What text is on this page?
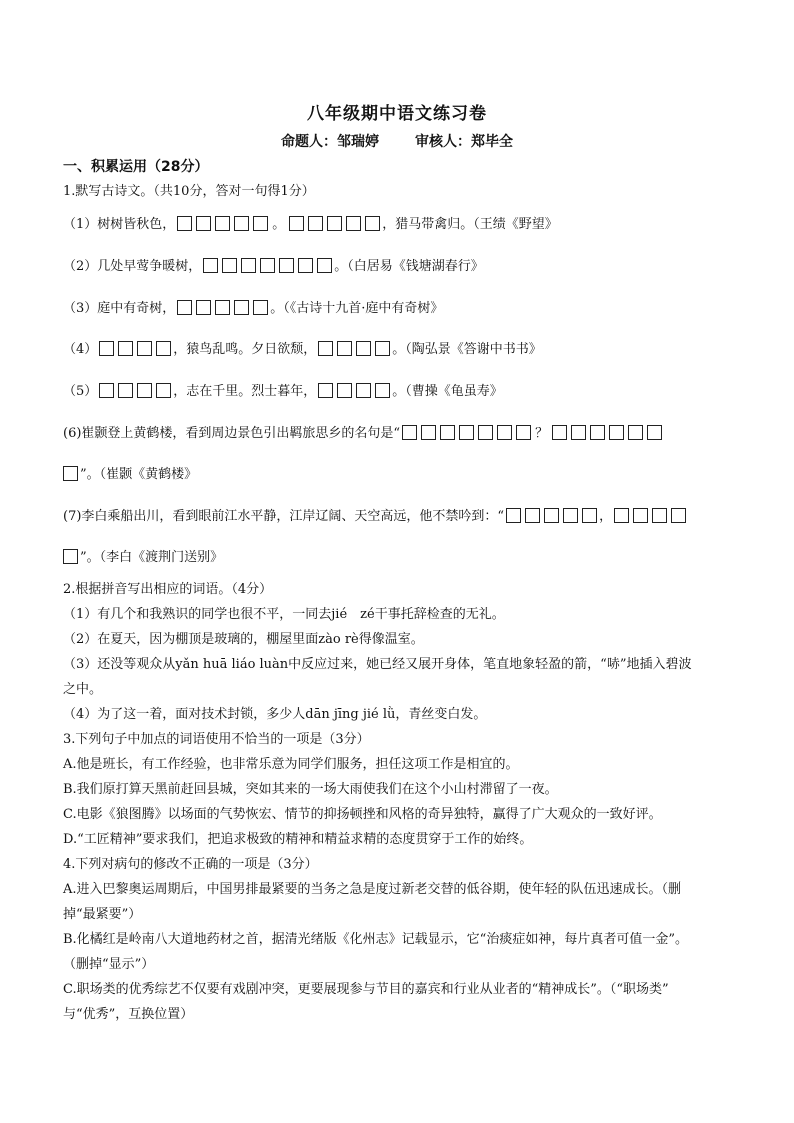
八年级期中语文练习卷
命题人：邹瑞婷	审核人：郑毕全
一、积累运用（28分）
1.默写古诗文。（共10分，答对一句得1分）
（1）树树皆秋色，	。	，猎马带禽归。（王绩《野望》
（2）几处早莺争暖树，	。（白居易《钱塘湖春行》
（3）庭中有奇树，	。（《古诗十九首·庭中有奇树》
（4）	，猿鸟乱鸣。夕日欲颓，	。（陶弘景《答谢中书书》
（5）	，志在千里。烈士暮年，	。（曹操《龟虽寿》
(6)崔颢登上黄鹤楼，看到周边景色引出羁旅思乡的名句是“	？
”。（崔颢《黄鹤楼》
(7)李白乘船出川，看到眼前江水平静，江岸辽阔、天空高远，他不禁吟到：“	，
”。（李白《渡荆门送别》
2.根据拼音写出相应的词语。（4分）
（1）有几个和我熟识的同学也很不平，一同去jié　zé干事托辞检查的无礼。
（2）在夏天，因为棚顶是玻璃的，棚屋里面zào rè得像温室。
（3）还没等观众从yǎn huā liáo luàn中反应过来，她已经又展开身体，笔直地象轻盈的箭，“哧”地插入碧波
之中。
（4）为了这一着，面对技术封锁，多少人dān jīng jié lǜ，青丝变白发。
3.下列句子中加点的词语使用不恰当的一项是（3分）
A.他是班长，有工作经验，也非常乐意为同学们服务，担任这项工作是相宜的。
B.我们原打算天黑前赶回县城，突如其来的一场大雨使我们在这个小山村滞留了一夜。
C.电影《狼图腾》以场面的气势恢宏、情节的抑扬顿挫和风格的奇异独特，赢得了广大观众的一致好评。
D.“工匠精神”要求我们，把追求极致的精神和精益求精的态度贯穿于工作的始终。
4.下列对病句的修改不正确的一项是（3分）
A.进入巴黎奥运周期后，中国男排最紧要的当务之急是度过新老交替的低谷期，使年轻的队伍迅速成长。（删
掉“最紧要”）
B.化橘红是岭南八大道地药材之首，据清光绪版《化州志》记载显示，它“治痰症如神，每片真者可值一金”。
（删掉“显示”）
C.职场类的优秀综艺不仅要有戏剧冲突，更要展现参与节目的嘉宾和行业从业者的“精神成长”。（“职场类”
与“优秀”，互换位置）
